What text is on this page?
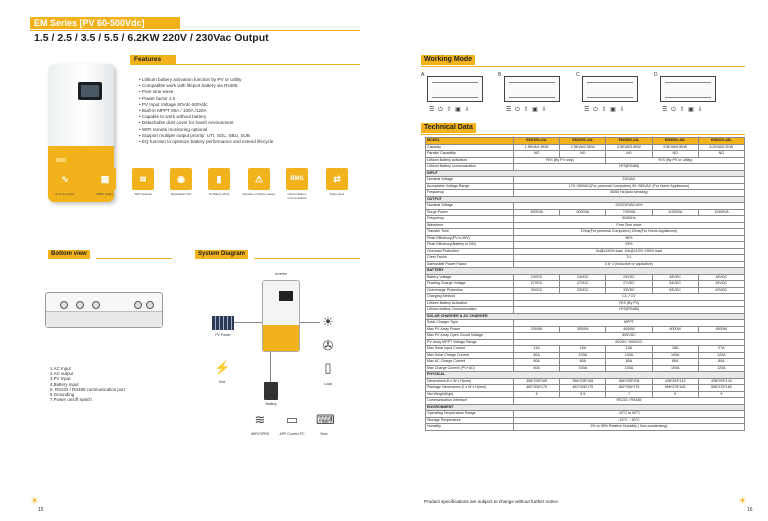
EM Series [PV 60-500Vdc]
1.5 / 2.5 / 3.5 / 5.5 / 6.2KW 220V / 230Vac Output
Features
• Lithium battery activation function by PV or Utility
• Compatible work with lifepo4 battery via Rs485
• Pure sine wave
• Power factor 1.0
• PV Input Voltage 60Vdc-500Vdc
• Built-in MPPT 80A / 100A /120A
• Capable to work without battery
• Detachable dust cover for harsh environment
• WIFI remote monitoring optional
• Support multiple output priority: UTI, SOL, SBU, SUB
• EQ function to optimize battery performance and extend lifecycle
∿
Pure sine wave
▦
MPPT battery
≋
WIFI Optional
◉
Detachable LCD
▮
No Battery Work
⚠
Activation of lithium battery
BMS
Lithium Battery Communication
⇄
Dual output
Bottom view	System Diagram
1.AC Input
2.AC output
3.PV Input
4.Battery Input
5. RS232 / RS485 communication port
6.Grounding
7.Power on/off switch
Inverter
PV Power
⚡
Grid
Battery
☀
✇
▯
Load
≋
WIFI/GPRS
▭
APP Control PC
⌨
Bms
☀
15
Working Mode
A
☰ ⏻ ⇧ ▣ ⇩
B
☰ ⏻ ⇧ ▣ ⇩
C
☰ ⏻ ⇧ ▣ ⇩
D
☰ ⏻ ⇧ ▣ ⇩
Technical Data
MODEL	EM1500-24L	EM2500-24L	EM3500-24L	EM5500-48L	EM6200-48L
Capacity	1.5KVA/1.5KW	2.5KVA/2.5KW	3.5KVA/3.5KW	5.5KVA/5.5KW	6.2KVA/6.2KW
Parallel Capability	NO	NO	NO	NO	NO
Lithium Battery activation	YES (By PV only)		YES (By PV or Utility)		
Lithium Battery communication	YES(RS485)				
INPUT					
Nominal Voltage	230VAC				
Acceptable Voltage Range	170~280VAC(For personal Computers) 90~280VAC (For Home Appliances)				
Frequency	50/60 Hz(Auto sensing)				
OUTPUT					
Nominal Voltage	220/230VAC±5%				
Surge Power	3000VA	5000VA	7000VA	11000VA	12400VA
Frequency	50/60Hz				
Waveform	Pure Sine wave				
Transfer Time	10ms(For personal Computers) 20ms(For Home Appliances)				
Peak Efficiency(PV to INV)	98%				
Peak Efficiency(Battery to INV)	93%				
Overload Protection	5s@≥150% load; 10s@110%~150% load				
Crest Factor	3:1				
Admissible Power Factor	0.6~1 (inductive or capacitive)				
BATTERY					
Battery Voltage	24VDC	24VDC	24VDC	48VDC	48VDC
Floating Charge Voltage	27VDC	27VDC	27VDC	54VDC	54VDC
Overcharge Protection	33VDC	33VDC	33VDC	63VDC	63VDC
Charging Method	CC / CV				
Lithium Battery Activation	YES (By PV)				
Lithium battery Communication	YES(RS485)				
SOLAR CHARGER & AC CHARGER					
Solar Charger Type	MPPT				
Max PV Array Power	2000W	3000W	4000W	6000W	6500W
Max PV Array Open Circuit Voltage	500VDC				
PV Array MPPT Voltage Range	60VDC~500VDC				
Max Solar Input Current	13A	15A	15A	18A	27A
Max Solar Charge Current	60A	100A	100A	100A	120A
Max AC Charge Current	60A	80A	80A	80A	80A
Max Charge Current (PV+AC)	60A	100A	100A	100A	120A
PHYSICAL					
Dimensions,D x W x H(mm)	356*235*108	356*235*108	356*235*108	438*293*143	438*293*143
Package Dimensions,D x W x H(mm)	462*306*175	462*306*175	462*306*175	556*375*183	556*375*183
Net Weight(Kgs)	5	5.5	7	9	9
Communication Interface	RS232 / RS485				
ENVIRONMENT					
Operating Temperature Range	-10°C to 50°C				
Storage Temperature	-15°C ~ 50°C				
Humidity	5% to 95% Relative Humidity ( Non-condensing)				
Product specifications are subject to change without further notice.	☀
16
